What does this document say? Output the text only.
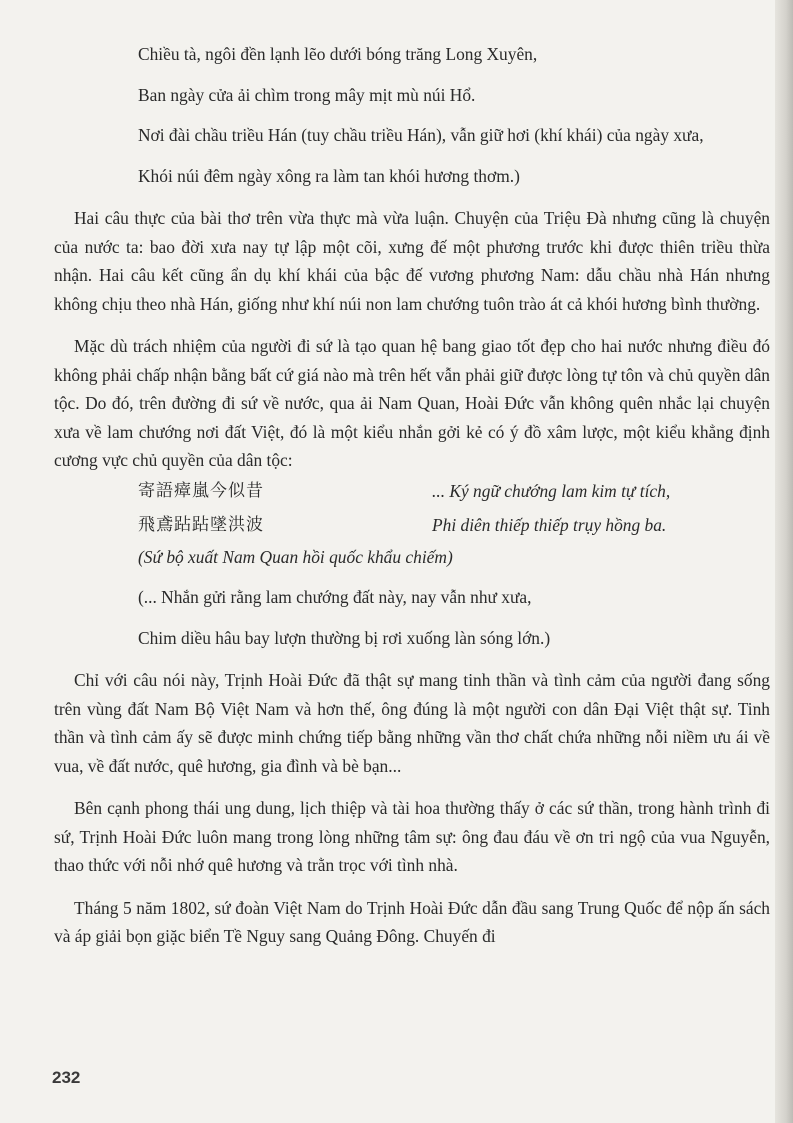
Chiều tà, ngôi đền lạnh lẽo dưới bóng trăng Long Xuyên,

Ban ngày cửa ải chìm trong mây mịt mù núi Hổ.

Nơi đài chầu triều Hán (tuy chầu triều Hán), vẫn giữ hơi (khí khái) của ngày xưa,

Khói núi đêm ngày xông ra làm tan khói hương thơm.)

Hai câu thực của bài thơ trên vừa thực mà vừa luận. Chuyện của Triệu Đà nhưng cũng là chuyện của nước ta: bao đời xưa nay tự lập một cõi, xưng đế một phương trước khi được thiên triều thừa nhận. Hai câu kết cũng ẩn dụ khí khái của bậc đế vương phương Nam: dẫu chầu nhà Hán nhưng không chịu theo nhà Hán, giống như khí núi non lam chướng tuôn trào át cả khói hương bình thường.

Mặc dù trách nhiệm của người đi sứ là tạo quan hệ bang giao tốt đẹp cho hai nước nhưng điều đó không phải chấp nhận bằng bất cứ giá nào mà trên hết vẫn phải giữ được lòng tự tôn và chủ quyền dân tộc. Do đó, trên đường đi sứ về nước, qua ải Nam Quan, Hoài Đức vẫn không quên nhắc lại chuyện xưa về lam chướng nơi đất Việt, đó là một kiểu nhắn gởi kẻ có ý đồ xâm lược, một kiểu khẳng định cương vực chủ quyền của dân tộc:

寄語瘴嵐今似昔	... Ký ngữ chướng lam kim tự tích,
飛鳶跕跕墜洪波	Phi diên thiếp thiếp trụy hồng ba.

(Sứ bộ xuất Nam Quan hồi quốc khẩu chiếm)

(... Nhắn gửi rằng lam chướng đất này, nay vẫn như xưa,

Chim diều hâu bay lượn thường bị rơi xuống làn sóng lớn.)

Chỉ với câu nói này, Trịnh Hoài Đức đã thật sự mang tinh thần và tình cảm của người đang sống trên vùng đất Nam Bộ Việt Nam và hơn thế, ông đúng là một người con dân Đại Việt thật sự. Tinh thần và tình cảm ấy sẽ được minh chứng tiếp bằng những vần thơ chất chứa những nỗi niềm ưu ái về vua, về đất nước, quê hương, gia đình và bè bạn...

Bên cạnh phong thái ung dung, lịch thiệp và tài hoa thường thấy ở các sứ thần, trong hành trình đi sứ, Trịnh Hoài Đức luôn mang trong lòng những tâm sự: ông đau đáu về ơn tri ngộ của vua Nguyễn, thao thức với nỗi nhớ quê hương và trằn trọc với tình nhà.

Tháng 5 năm 1802, sứ đoàn Việt Nam do Trịnh Hoài Đức dẫn đầu sang Trung Quốc để nộp ấn sách và áp giải bọn giặc biển Tề Nguy sang Quảng Đông. Chuyến đi

232
